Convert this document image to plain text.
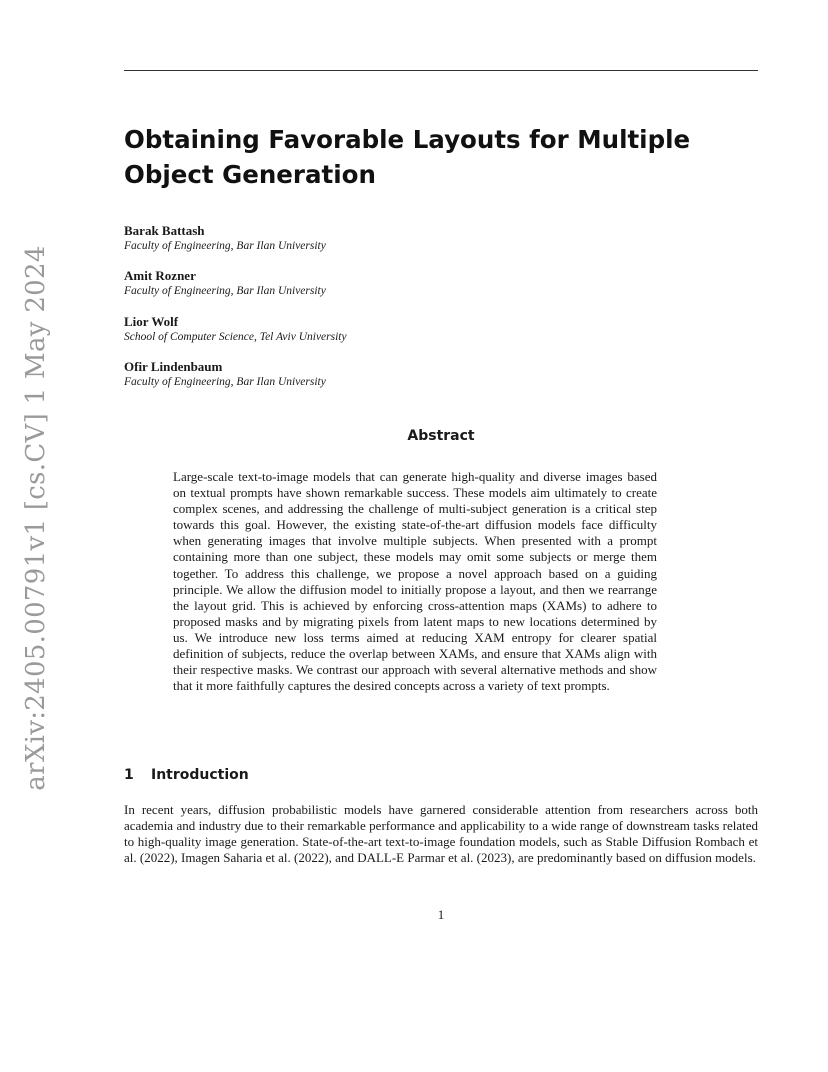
arXiv:2405.00791v1 [cs.CV] 1 May 2024
Obtaining Favorable Layouts for Multiple Object Generation
Barak Battash
Faculty of Engineering, Bar Ilan University
Amit Rozner
Faculty of Engineering, Bar Ilan University
Lior Wolf
School of Computer Science, Tel Aviv University
Ofir Lindenbaum
Faculty of Engineering, Bar Ilan University
Abstract
Large-scale text-to-image models that can generate high-quality and diverse images based on textual prompts have shown remarkable success. These models aim ultimately to create complex scenes, and addressing the challenge of multi-subject generation is a critical step towards this goal. However, the existing state-of-the-art diffusion models face difficulty when generating images that involve multiple subjects. When presented with a prompt containing more than one subject, these models may omit some subjects or merge them together. To address this challenge, we propose a novel approach based on a guiding principle. We allow the diffusion model to initially propose a layout, and then we rearrange the layout grid. This is achieved by enforcing cross-attention maps (XAMs) to adhere to proposed masks and by migrating pixels from latent maps to new locations determined by us. We introduce new loss terms aimed at reducing XAM entropy for clearer spatial definition of subjects, reduce the overlap between XAMs, and ensure that XAMs align with their respective masks. We contrast our approach with several alternative methods and show that it more faithfully captures the desired concepts across a variety of text prompts.
1 Introduction
In recent years, diffusion probabilistic models have garnered considerable attention from researchers across both academia and industry due to their remarkable performance and applicability to a wide range of downstream tasks related to high-quality image generation. State-of-the-art text-to-image foundation models, such as Stable Diffusion Rombach et al. (2022), Imagen Saharia et al. (2022), and DALL-E Parmar et al. (2023), are predominantly based on diffusion models.
1
